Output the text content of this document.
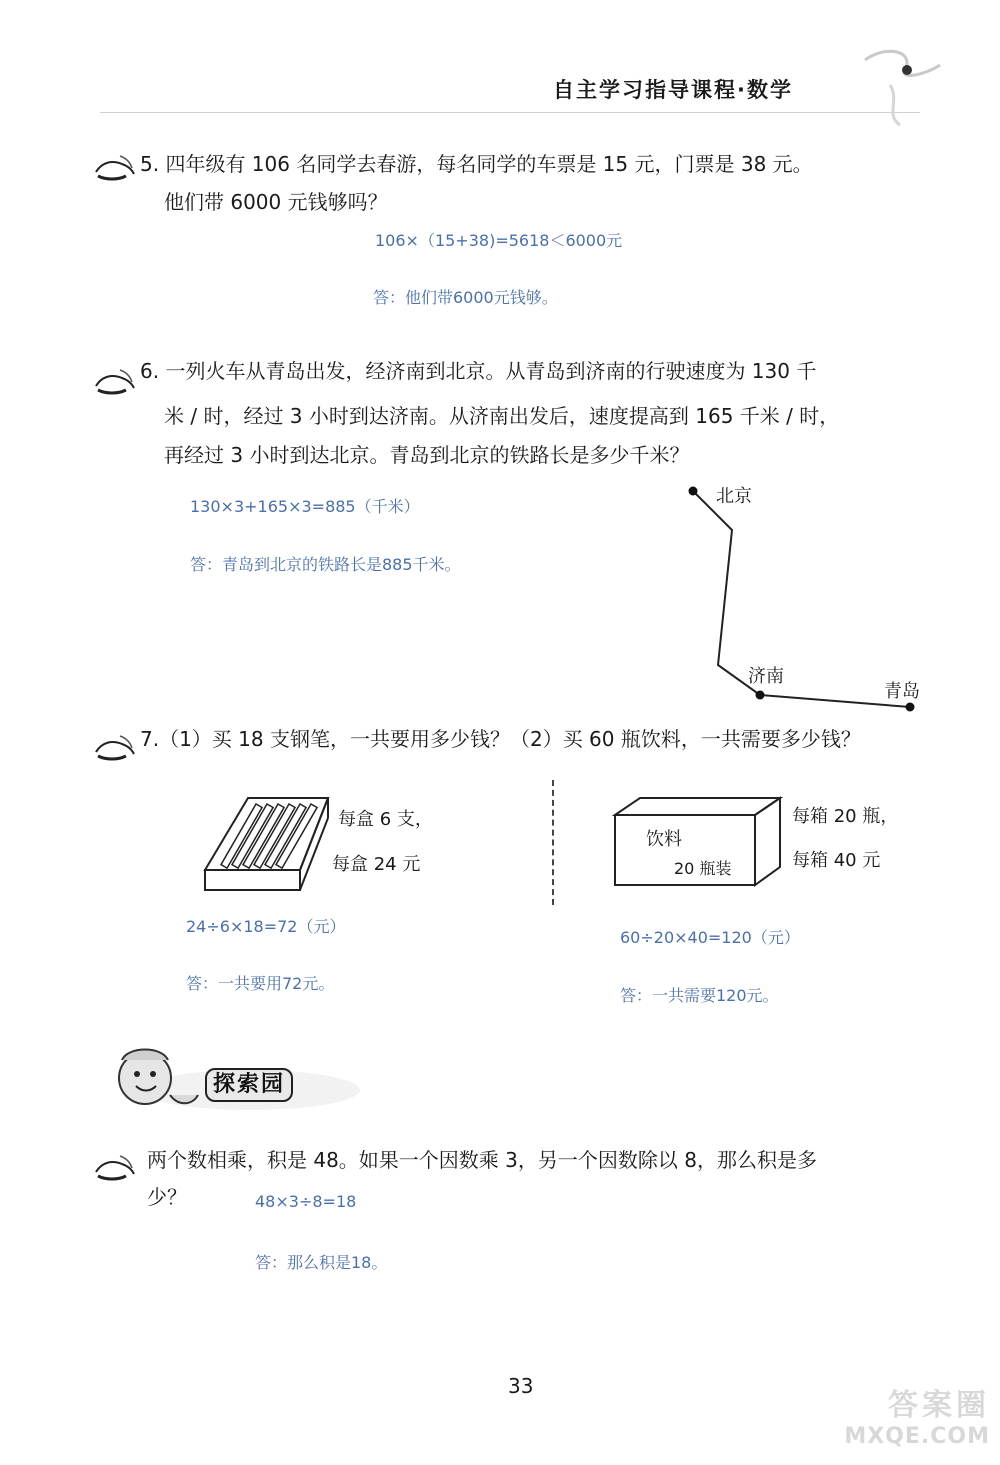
自主学习指导课程·数学
5. 四年级有 106 名同学去春游，每名同学的车票是 15 元，门票是 38 元。
他们带 6000 元钱够吗？
106×（15+38)=5618＜6000元
答：他们带6000元钱够。
6. 一列火车从青岛出发，经济南到北京。从青岛到济南的行驶速度为 130 千
米 / 时，经过 3 小时到达济南。从济南出发后，速度提高到 165 千米 / 时，
再经过 3 小时到达北京。青岛到北京的铁路长是多少千米？
130×3+165×3=885（千米）
答：青岛到北京的铁路长是885千米。
北京
济南
青岛
7.（1）买 18 支钢笔，一共要用多少钱？（2）买 60 瓶饮料，一共需要多少钱？
每盒 6 支，
每盒 24 元
24÷6×18=72（元）
答：一共要用72元。
饮料
20 瓶装
每箱 20 瓶，
每箱 40 元
60÷20×40=120（元）
答：一共需要120元。
探索园
两个数相乘，积是 48。如果一个因数乘 3，另一个因数除以 8，那么积是多
少？	48×3÷8=18
答：那么积是18。
33
答案圈
MXQE.COM
